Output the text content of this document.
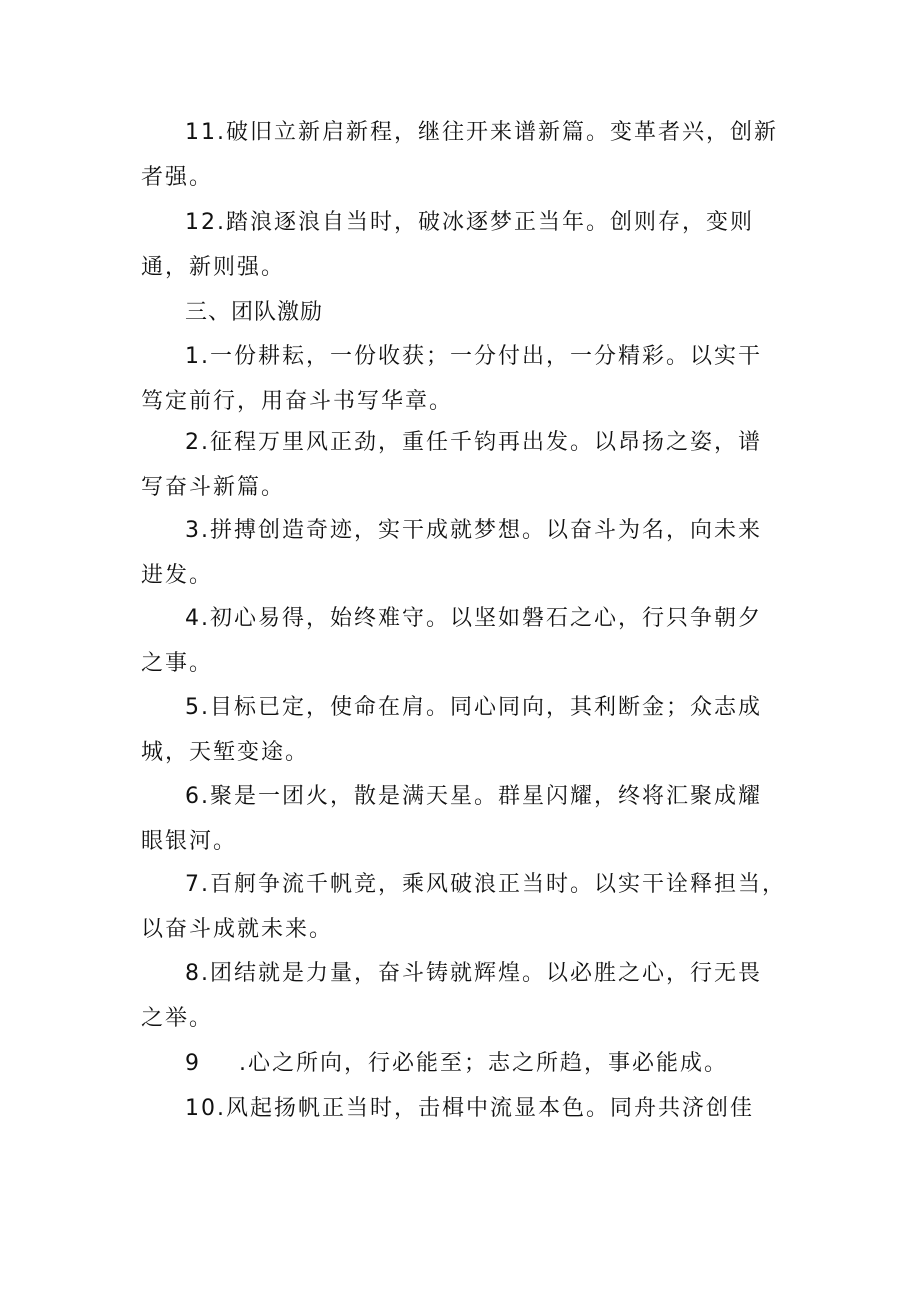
11.破旧立新启新程，继往开来谱新篇。变革者兴，创新
者强。

12.踏浪逐浪自当时，破冰逐梦正当年。创则存，变则
通，新则强。

三、团队激励

1.一份耕耘，一份收获；一分付出，一分精彩。以实干
笃定前行，用奋斗书写华章。

2.征程万里风正劲，重任千钧再出发。以昂扬之姿，谱
写奋斗新篇。

3.拼搏创造奇迹，实干成就梦想。以奋斗为名，向未来
进发。

4.初心易得，始终难守。以坚如磐石之心，行只争朝夕
之事。

5.目标已定，使命在肩。同心同向，其利断金；众志成
城，天堑变途。

6.聚是一团火，散是满天星。群星闪耀，终将汇聚成耀
眼银河。

7.百舸争流千帆竞，乘风破浪正当时。以实干诠释担当，
以奋斗成就未来。

8.团结就是力量，奋斗铸就辉煌。以必胜之心，行无畏
之举。

9 .心之所向，行必能至；志之所趋，事必能成。

10.风起扬帆正当时，击楫中流显本色。同舟共济创佳
